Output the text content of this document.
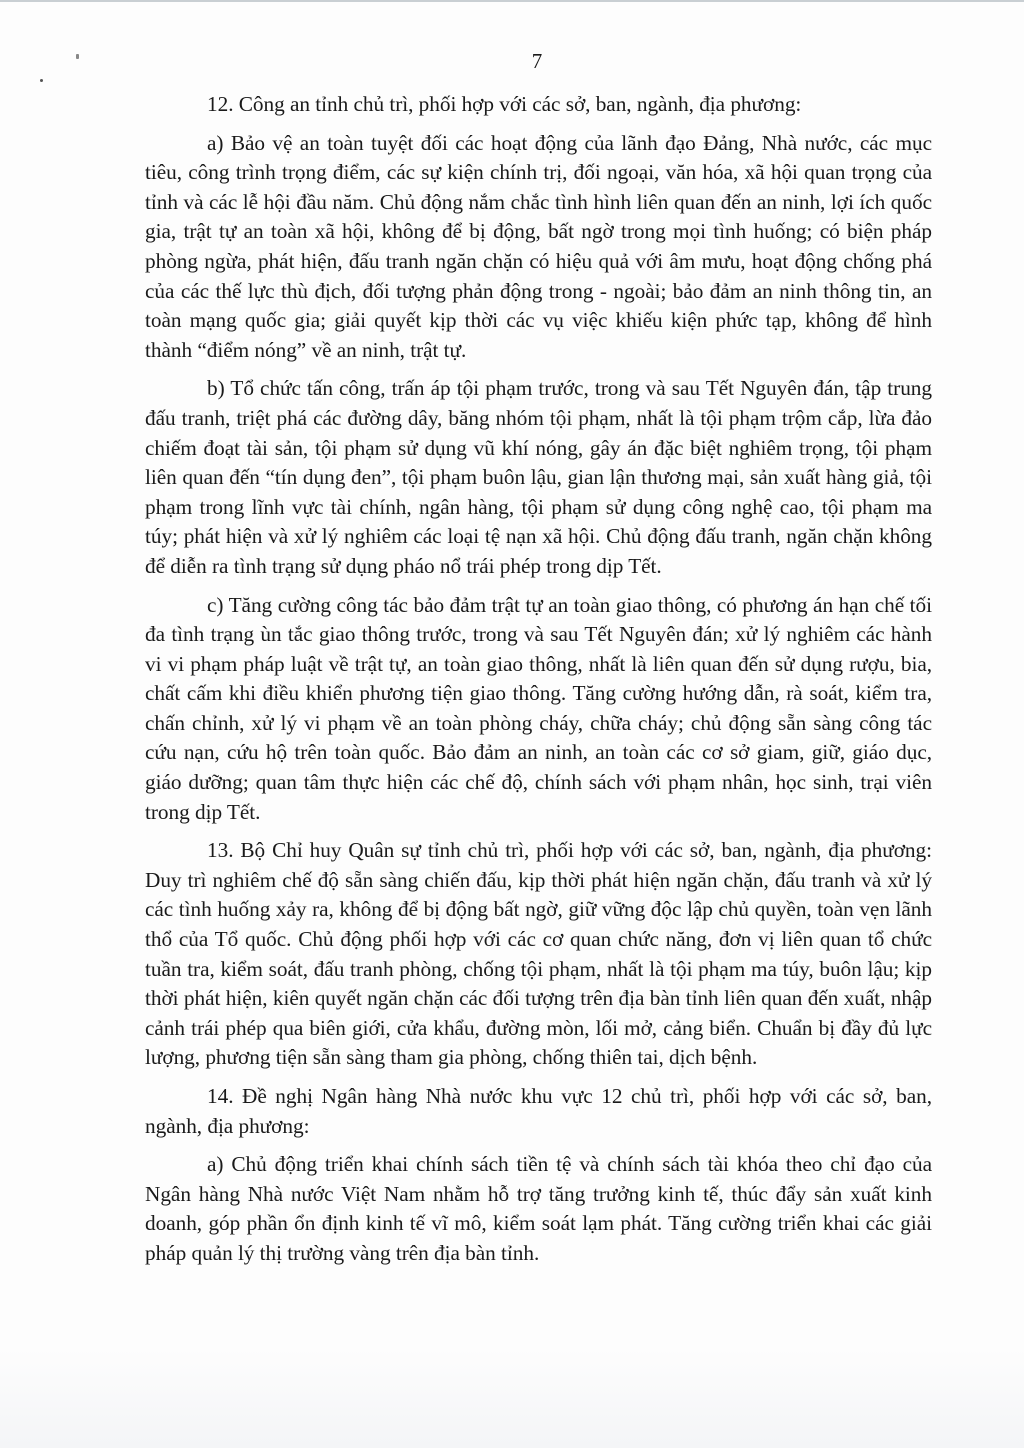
7

12. Công an tỉnh chủ trì, phối hợp với các sở, ban, ngành, địa phương:

a) Bảo vệ an toàn tuyệt đối các hoạt động của lãnh đạo Đảng, Nhà nước, các mục tiêu, công trình trọng điểm, các sự kiện chính trị, đối ngoại, văn hóa, xã hội quan trọng của tỉnh và các lễ hội đầu năm. Chủ động nắm chắc tình hình liên quan đến an ninh, lợi ích quốc gia, trật tự an toàn xã hội, không để bị động, bất ngờ trong mọi tình huống; có biện pháp phòng ngừa, phát hiện, đấu tranh ngăn chặn có hiệu quả với âm mưu, hoạt động chống phá của các thế lực thù địch, đối tượng phản động trong - ngoài; bảo đảm an ninh thông tin, an toàn mạng quốc gia; giải quyết kịp thời các vụ việc khiếu kiện phức tạp, không để hình thành “điểm nóng” về an ninh, trật tự.

b) Tổ chức tấn công, trấn áp tội phạm trước, trong và sau Tết Nguyên đán, tập trung đấu tranh, triệt phá các đường dây, băng nhóm tội phạm, nhất là tội phạm trộm cắp, lừa đảo chiếm đoạt tài sản, tội phạm sử dụng vũ khí nóng, gây án đặc biệt nghiêm trọng, tội phạm liên quan đến “tín dụng đen”, tội phạm buôn lậu, gian lận thương mại, sản xuất hàng giả, tội phạm trong lĩnh vực tài chính, ngân hàng, tội phạm sử dụng công nghệ cao, tội phạm ma túy; phát hiện và xử lý nghiêm các loại tệ nạn xã hội. Chủ động đấu tranh, ngăn chặn không để diễn ra tình trạng sử dụng pháo nổ trái phép trong dịp Tết.

c) Tăng cường công tác bảo đảm trật tự an toàn giao thông, có phương án hạn chế tối đa tình trạng ùn tắc giao thông trước, trong và sau Tết Nguyên đán; xử lý nghiêm các hành vi vi phạm pháp luật về trật tự, an toàn giao thông, nhất là liên quan đến sử dụng rượu, bia, chất cấm khi điều khiển phương tiện giao thông. Tăng cường hướng dẫn, rà soát, kiểm tra, chấn chỉnh, xử lý vi phạm về an toàn phòng cháy, chữa cháy; chủ động sẵn sàng công tác cứu nạn, cứu hộ trên toàn quốc. Bảo đảm an ninh, an toàn các cơ sở giam, giữ, giáo dục, giáo dưỡng; quan tâm thực hiện các chế độ, chính sách với phạm nhân, học sinh, trại viên trong dịp Tết.

13. Bộ Chỉ huy Quân sự tỉnh chủ trì, phối hợp với các sở, ban, ngành, địa phương: Duy trì nghiêm chế độ sẵn sàng chiến đấu, kịp thời phát hiện ngăn chặn, đấu tranh và xử lý các tình huống xảy ra, không để bị động bất ngờ, giữ vững độc lập chủ quyền, toàn vẹn lãnh thổ của Tổ quốc. Chủ động phối hợp với các cơ quan chức năng, đơn vị liên quan tổ chức tuần tra, kiểm soát, đấu tranh phòng, chống tội phạm, nhất là tội phạm ma túy, buôn lậu; kịp thời phát hiện, kiên quyết ngăn chặn các đối tượng trên địa bàn tỉnh liên quan đến xuất, nhập cảnh trái phép qua biên giới, cửa khẩu, đường mòn, lối mở, cảng biển. Chuẩn bị đầy đủ lực lượng, phương tiện sẵn sàng tham gia phòng, chống thiên tai, dịch bệnh.

14. Đề nghị Ngân hàng Nhà nước khu vực 12 chủ trì, phối hợp với các sở, ban, ngành, địa phương:

a) Chủ động triển khai chính sách tiền tệ và chính sách tài khóa theo chỉ đạo của Ngân hàng Nhà nước Việt Nam nhằm hỗ trợ tăng trưởng kinh tế, thúc đẩy sản xuất kinh doanh, góp phần ổn định kinh tế vĩ mô, kiểm soát lạm phát. Tăng cường triển khai các giải pháp quản lý thị trường vàng trên địa bàn tỉnh.
